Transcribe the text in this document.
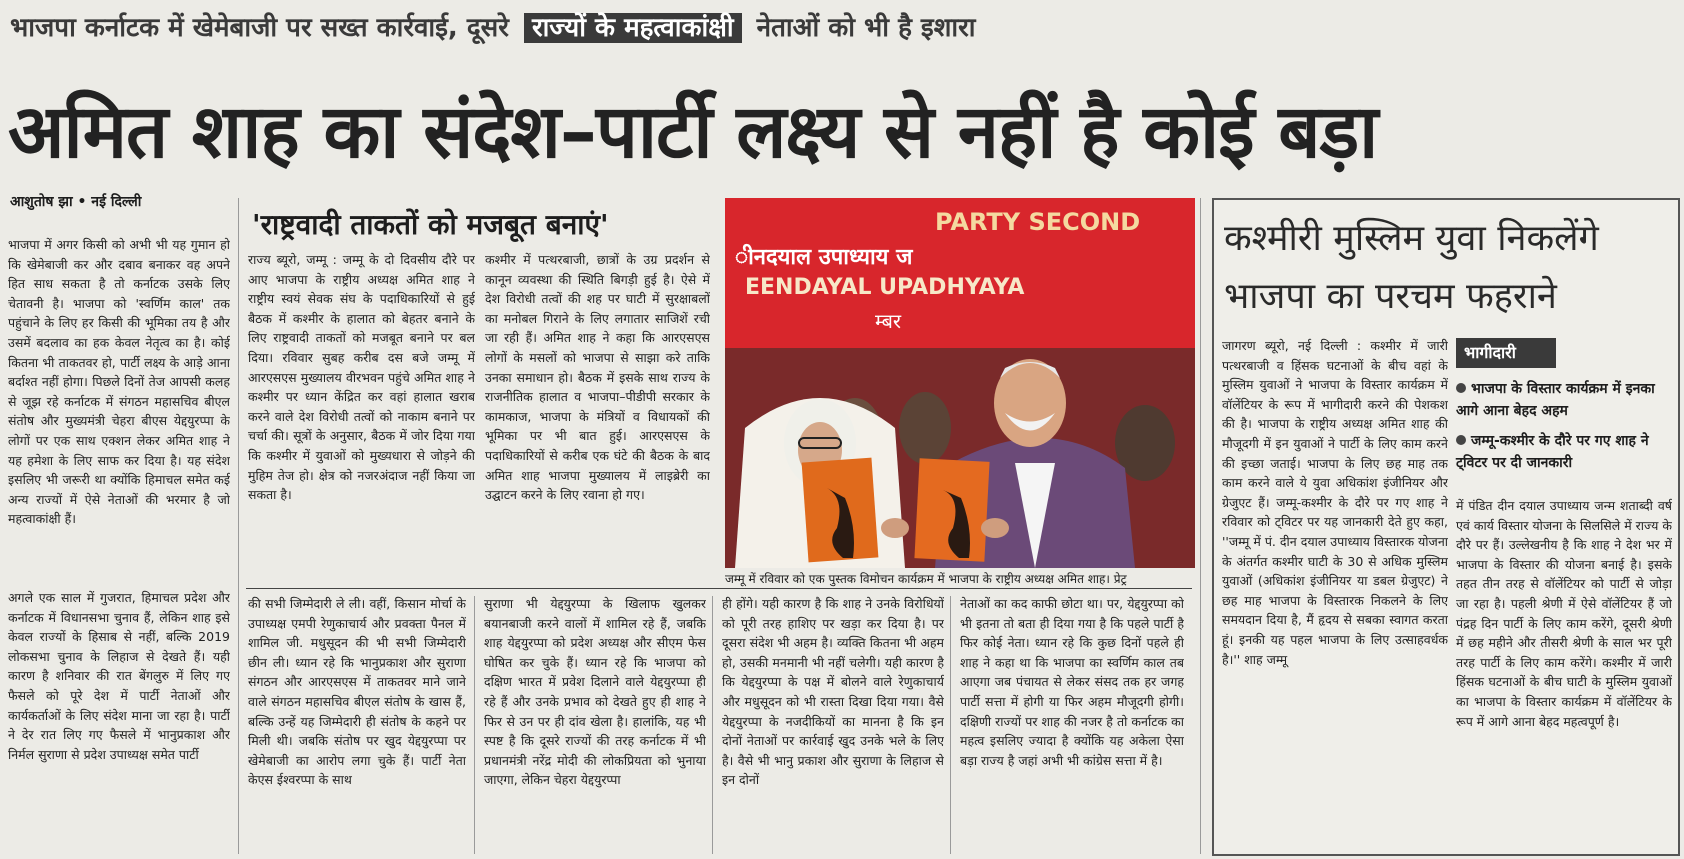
भाजपा कर्नाटक में खेमेबाजी पर सख्त कार्रवाई, दूसरे राज्यों के महत्वाकांक्षी नेताओं को भी है इशारा
अमित शाह का संदेश–पार्टी लक्ष्य से नहीं है कोई बड़ा
आशुतोष झा • नई दिल्ली
भाजपा में अगर किसी को अभी भी यह गुमान हो कि खेमेबाजी कर और दबाव बनाकर वह अपने हित साध सकता है तो कर्नाटक उसके लिए चेतावनी है। भाजपा को 'स्वर्णिम काल' तक पहुंचाने के लिए हर किसी की भूमिका तय है और उसमें बदलाव का हक केवल नेतृत्व का है। कोई कितना भी ताकतवर हो, पार्टी लक्ष्य के आड़े आना बर्दाश्त नहीं होगा। पिछले दिनों तेज आपसी कलह से जूझ रहे कर्नाटक में संगठन महासचिव बीएल संतोष और मुख्यमंत्री चेहरा बीएस येद्दयुरप्पा के लोगों पर एक साथ एक्शन लेकर अमित शाह ने यह हमेशा के लिए साफ कर दिया है। यह संदेश इसलिए भी जरूरी था क्योंकि हिमाचल समेत कई अन्य राज्यों में ऐसे नेताओं की भरमार है जो महत्वाकांक्षी हैं।
अगले एक साल में गुजरात, हिमाचल प्रदेश और कर्नाटक में विधानसभा चुनाव हैं, लेकिन शाह इसे केवल राज्यों के हिसाब से नहीं, बल्कि 2019 लोकसभा चुनाव के लिहाज से देखते हैं। यही कारण है शनिवार की रात बेंगलुरु में लिए गए फैसले को पूरे देश में पार्टी नेताओं और कार्यकर्ताओं के लिए संदेश माना जा रहा है। पार्टी ने देर रात लिए गए फैसले में भानुप्रकाश और निर्मल सुराणा से प्रदेश उपाध्यक्ष समेत पार्टी
'राष्ट्रवादी ताकतों को मजबूत बनाएं'
राज्य ब्यूरो, जम्मू : जम्मू के दो दिवसीय दौरे पर आए भाजपा के राष्ट्रीय अध्यक्ष अमित शाह ने राष्ट्रीय स्वयं सेवक संघ के पदाधिकारियों से हुई बैठक में कश्मीर के हालात को बेहतर बनाने के लिए राष्ट्रवादी ताकतों को मजबूत बनाने पर बल दिया। रविवार सुबह करीब दस बजे जम्मू में आरएसएस मुख्यालय वीरभवन पहुंचे अमित शाह ने कश्मीर पर ध्यान केंद्रित कर वहां हालात खराब करने वाले देश विरोधी तत्वों को नाकाम बनाने पर चर्चा की। सूत्रों के अनुसार, बैठक में जोर दिया गया कि कश्मीर में युवाओं को मुख्यधारा से जोड़ने की मुहिम तेज हो। क्षेत्र को नजरअंदाज नहीं किया जा सकता है।
कश्मीर में पत्थरबाजी, छात्रों के उग्र प्रदर्शन से कानून व्यवस्था की स्थिति बिगड़ी हुई है। ऐसे में देश विरोधी तत्वों की शह पर घाटी में सुरक्षाबलों का मनोबल गिराने के लिए लगातार साजिशें रची जा रही हैं। अमित शाह ने कहा कि आरएसएस लोगों के मसलों को भाजपा से साझा करे ताकि उनका समाधान हो। बैठक में इसके साथ राज्य के राजनीतिक हालात व भाजपा–पीडीपी सरकार के कामकाज, भाजपा के मंत्रियों व विधायकों की भूमिका पर भी बात हुई। आरएसएस के पदाधिकारियों से करीब एक घंटे की बैठक के बाद अमित शाह भाजपा मुख्यालय में लाइब्रेरी का उद्घाटन करने के लिए रवाना हो गए।
PARTY SECOND
ीनदयाल उपाध्याय ज
EENDAYAL UPADHYAYA
म्बर
जम्मू में रविवार को एक पुस्तक विमोचन कार्यक्रम में भाजपा के राष्ट्रीय अध्यक्ष अमित शाह। प्रेट्र
की सभी जिम्मेदारी ले ली। वहीं, किसान मोर्चा के उपाध्यक्ष एमपी रेणुकाचार्य और प्रवक्ता पैनल में शामिल जी. मधुसूदन की भी सभी जिम्मेदारी छीन ली। ध्यान रहे कि भानुप्रकाश और सुराणा संगठन और आरएसएस में ताकतवर माने जाने वाले संगठन महासचिव बीएल संतोष के खास हैं, बल्कि उन्हें यह जिम्मेदारी ही संतोष के कहने पर मिली थी। जबकि संतोष पर खुद येद्दयुरप्पा पर खेमेबाजी का आरोप लगा चुके हैं। पार्टी नेता केएस ईश्वरप्पा के साथ
सुराणा भी येद्दयुरप्पा के खिलाफ खुलकर बयानबाजी करने वालों में शामिल रहे हैं, जबकि शाह येद्दयुरप्पा को प्रदेश अध्यक्ष और सीएम फेस घोषित कर चुके हैं। ध्यान रहे कि भाजपा को दक्षिण भारत में प्रवेश दिलाने वाले येद्दयुरप्पा ही रहे हैं और उनके प्रभाव को देखते हुए ही शाह ने फिर से उन पर ही दांव खेला है। हालांकि, यह भी स्पष्ट है कि दूसरे राज्यों की तरह कर्नाटक में भी प्रधानमंत्री नरेंद्र मोदी की लोकप्रियता को भुनाया जाएगा, लेकिन चेहरा येद्दयुरप्पा
ही होंगे। यही कारण है कि शाह ने उनके विरोधियों को पूरी तरह हाशिए पर खड़ा कर दिया है। पर दूसरा संदेश भी अहम है। व्यक्ति कितना भी अहम हो, उसकी मनमानी भी नहीं चलेगी। यही कारण है कि येद्दयुरप्पा के पक्ष में बोलने वाले रेणुकाचार्य और मधुसूदन को भी रास्ता दिखा दिया गया। वैसे येद्दयुरप्पा के नजदीकियों का मानना है कि इन दोनों नेताओं पर कार्रवाई खुद उनके भले के लिए है। वैसे भी भानु प्रकाश और सुराणा के लिहाज से इन दोनों
नेताओं का कद काफी छोटा था। पर, येद्दयुरप्पा को भी इतना तो बता ही दिया गया है कि पहले पार्टी है फिर कोई नेता। ध्यान रहे कि कुछ दिनों पहले ही शाह ने कहा था कि भाजपा का स्वर्णिम काल तब आएगा जब पंचायत से लेकर संसद तक हर जगह पार्टी सत्ता में होगी या फिर अहम मौजूदगी होगी। दक्षिणी राज्यों पर शाह की नजर है तो कर्नाटक का महत्व इसलिए ज्यादा है क्योंकि यह अकेला ऐसा बड़ा राज्य है जहां अभी भी कांग्रेस सत्ता में है।
कश्मीरी मुस्लिम युवा निकलेंगे भाजपा का परचम फहराने
जागरण ब्यूरो, नई दिल्ली : कश्मीर में जारी पत्थरबाजी व हिंसक घटनाओं के बीच वहां के मुस्लिम युवाओं ने भाजपा के विस्तार कार्यक्रम में वॉलेंटियर के रूप में भागीदारी करने की पेशकश की है। भाजपा के राष्ट्रीय अध्यक्ष अमित शाह की मौजूदगी में इन युवाओं ने पार्टी के लिए काम करने की इच्छा जताई। भाजपा के लिए छह माह तक काम करने वाले ये युवा अधिकांश इंजीनियर और ग्रेजुएट हैं। जम्मू-कश्मीर के दौरे पर गए शाह ने रविवार को ट्विटर पर यह जानकारी देते हुए कहा, ''जम्मू में पं. दीन दयाल उपाध्याय विस्तारक योजना के अंतर्गत कश्मीर घाटी के 30 से अधिक मुस्लिम युवाओं (अधिकांश इंजीनियर या डबल ग्रेजुएट) ने छह माह भाजपा के विस्तारक निकलने के लिए समयदान दिया है, मैं हृदय से सबका स्वागत करता हूं। इनकी यह पहल भाजपा के लिए उत्साहवर्धक है।'' शाह जम्मू
भागीदारी
भाजपा के विस्तार कार्यक्रम में इनका आगे आना बेहद अहम
जम्मू-कश्मीर के दौरे पर गए शाह ने ट्विटर पर दी जानकारी
में पंडित दीन दयाल उपाध्याय जन्म शताब्दी वर्ष एवं कार्य विस्तार योजना के सिलसिले में राज्य के दौरे पर हैं। उल्लेखनीय है कि शाह ने देश भर में भाजपा के विस्तार की योजना बनाई है। इसके तहत तीन तरह से वॉलेंटियर को पार्टी से जोड़ा जा रहा है। पहली श्रेणी में ऐसे वॉलेंटियर हैं जो पंद्रह दिन पार्टी के लिए काम करेंगे, दूसरी श्रेणी में छह महीने और तीसरी श्रेणी के साल भर पूरी तरह पार्टी के लिए काम करेंगे। कश्मीर में जारी हिंसक घटनाओं के बीच घाटी के मुस्लिम युवाओं का भाजपा के विस्तार कार्यक्रम में वॉलेंटियर के रूप में आगे आना बेहद महत्वपूर्ण है।
